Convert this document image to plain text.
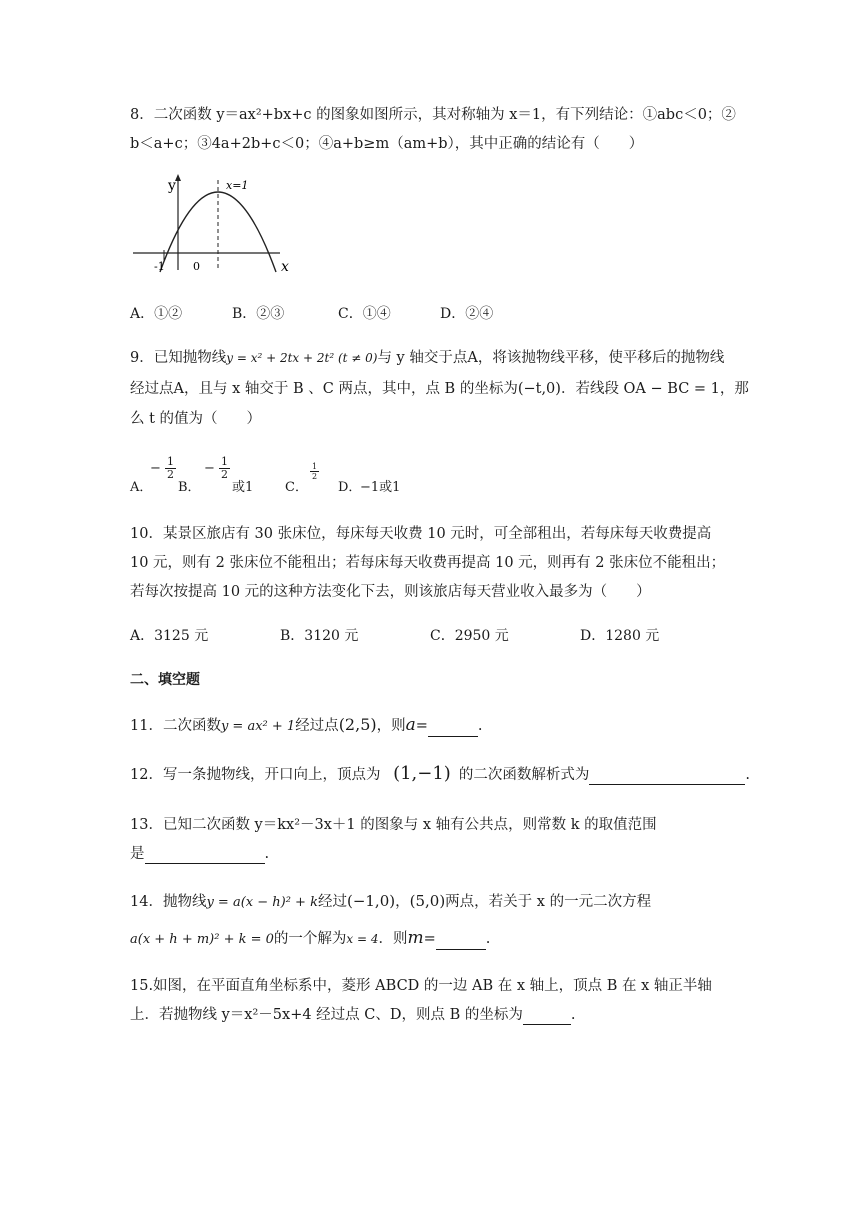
8．二次函数 y＝ax²+bx+c 的图象如图所示，其对称轴为 x＝1，有下列结论：①abc＜0；②
b＜a+c；③4a+2b+c＜0；④a+b≥m（am+b），其中正确的结论有（　　）
y
x
x=1
-1	0
A．①②	B．②③	C．①④	D．②④
9．已知抛物线y = x² + 2tx + 2t² (t ≠ 0)与 y 轴交于点A，将该抛物线平移，使平移后的抛物线
经过点A，且与 x 轴交于 B 、C 两点，其中，点 B 的坐标为(−t,0)．若线段 OA − BC = 1，那
么 t 的值为（　　）
A．
− $\frac{1}{2}$
B．
− $\frac{1}{2}$
或1 C．
$\frac{1}{2}$
D．
−1或1
10．某景区旅店有 30 张床位，每床每天收费 10 元时，可全部租出，若每床每天收费提高
10 元，则有 2 张床位不能租出；若每床每天收费再提高 10 元，则再有 2 张床位不能租出；
若每次按提高 10 元的这种方法变化下去，则该旅店每天营业收入最多为（　　）
A．3125 元	B．3120 元	C．2950 元	D．1280 元
二、填空题
11．二次函数y = ax² + 1经过点(2,5)，则a=	.
12．写一条抛物线，开口向上，顶点为 (1,−1) 的二次函数解析式为	.
13．已知二次函数 y＝kx²－3x＋1 的图象与 x 轴有公共点，则常数 k 的取值范围
是	.
14．抛物线y = a(x − h)² + k经过(−1,0)，(5,0)两点，若关于 x 的一元二次方程
a(x + h + m)² + k = 0的一个解为x = 4．则m=	.
15.如图，在平面直角坐标系中，菱形 ABCD 的一边 AB 在 x 轴上，顶点 B 在 x 轴正半轴
上．若抛物线 y＝x²－5x+4 经过点 C、D，则点 B 的坐标为	.
